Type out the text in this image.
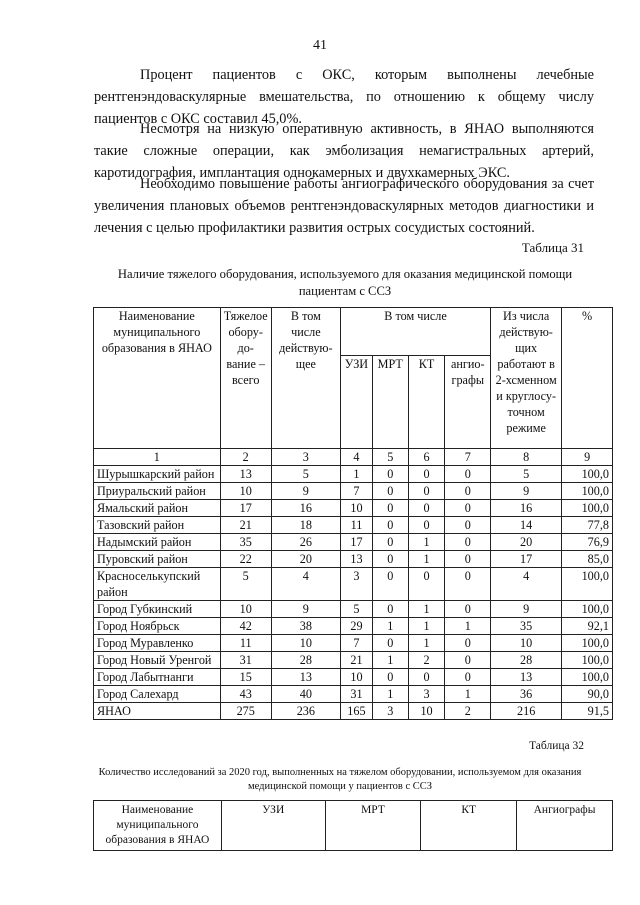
41

Процент пациентов с ОКС, которым выполнены лечебные рентгенэндоваскулярные вмешательства, по отношению к общему числу пациентов с ОКС составил 45,0%.

Несмотря на низкую оперативную активность, в ЯНАО выполняются такие сложные операции, как эмболизация немагистральных артерий, каротидография, имплантация однокамерных и двухкамерных ЭКС.

Необходимо повышение работы ангиографического оборудования за счет увеличения плановых объемов рентгенэндоваскулярных методов диагностики и лечения с целью профилактики развития острых сосудистых состояний.

Таблица 31
Наличие тяжелого оборудования, используемого для оказания медицинской помощи пациентам с ССЗ
Наименование муниципального образования в ЯНАО	Тяжелое обору-до-вание – всего	В том числе действую-щее	В том числе				Из числа действую-щих работают в 2-хсменном и круглосу-точном режиме	%
			УЗИ	МРТ	КТ	ангио-графы		
1	2	3	4	5	6	7	8	9
Шурышкарский район	13	5	1	0	0	0	5	100,0
Приуральский район	10	9	7	0	0	0	9	100,0
Ямальский район	17	16	10	0	0	0	16	100,0
Тазовский район	21	18	11	0	0	0	14	77,8
Надымский район	35	26	17	0	1	0	20	76,9
Пуровский район	22	20	13	0	1	0	17	85,0
Красноселькупский район	5	4	3	0	0	0	4	100,0
Город Губкинский	10	9	5	0	1	0	9	100,0
Город Ноябрьск	42	38	29	1	1	1	35	92,1
Город Муравленко	11	10	7	0	1	0	10	100,0
Город Новый Уренгой	31	28	21	1	2	0	28	100,0
Город Лабытнанги	15	13	10	0	0	0	13	100,0
Город Салехард	43	40	31	1	3	1	36	90,0
ЯНАО	275	236	165	3	10	2	216	91,5
Таблица 32
Количество исследований за 2020 год, выполненных на тяжелом оборудовании, используемом для оказания медицинской помощи у пациентов с ССЗ
Наименование муниципального образования в ЯНАО	УЗИ	МРТ	КТ	Ангиографы
